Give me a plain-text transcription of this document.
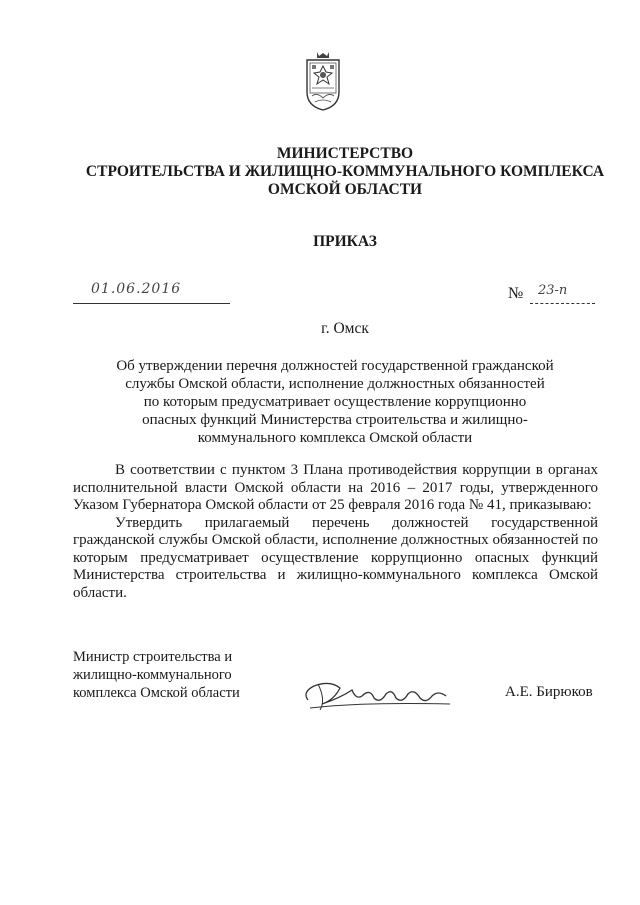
МИНИСТЕРСТВО
СТРОИТЕЛЬСТВА И ЖИЛИЩНО-КОММУНАЛЬНОГО КОМПЛЕКСА
ОМСКОЙ ОБЛАСТИ
ПРИКАЗ
01.06.2016	№ 23-п
г. Омск
Об утверждении перечня должностей государственной гражданской
службы Омской области, исполнение должностных обязанностей
по которым предусматривает осуществление коррупционно
опасных функций Министерства строительства и жилищно-
коммунального комплекса Омской области

В соответствии с пунктом 3 Плана противодействия коррупции в органах исполнительной власти Омской области на 2016 – 2017 годы, утвержденного Указом Губернатора Омской области от 25 февраля 2016 года № 41, приказываю:

Утвердить прилагаемый перечень должностей государственной гражданской службы Омской области, исполнение должностных обязанностей по которым предусматривает осуществление коррупционно опасных функций Министерства строительства и жилищно-коммунального комплекса Омской области.

Министр строительства и
жилищно-коммунального
комплекса Омской области	А.Е. Бирюков
